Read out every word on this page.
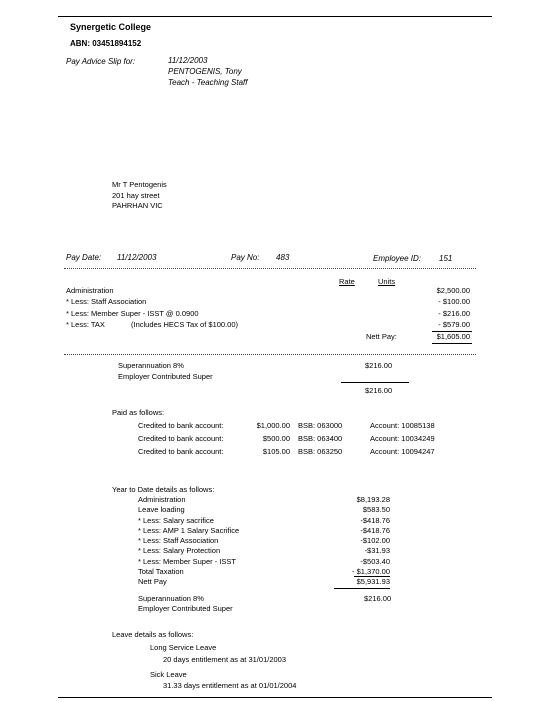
Synergetic College
ABN: 03451894152
Pay Advice Slip for:	11/12/2003
PENTOGENIS, Tony
Teach - Teaching Staff
Mr T Pentogenis
201 hay street
PAHRHAN VIC
Pay Date: 11/12/2003	Pay No: 483	Employee ID: 151
Rate	Units
Administration	$2,500.00
* Less: Staff Association	- $100.00
* Less: Member Super - ISST @ 0.0900	- $216.00
* Less: TAX	(Includes HECS Tax of $100.00)	- $579.00
Nett Pay:	$1,605.00
Superannuation 8%	$216.00
Employer Contributed Super
$216.00
Paid as follows:
Credited to bank account:	$1,000.00 BSB: 063000	Account: 10085138
Credited to bank account:	$500.00 BSB: 063400	Account: 10034249
Credited to bank account:	$105.00 BSB: 063250	Account: 10094247
Year to Date details as follows:
Administration	$8,193.28
Leave loading	$583.50
* Less: Salary sacrifice	-$418.76
* Less: AMP 1 Salary Sacrifice	-$418.76
* Less: Staff Association	-$102.00
* Less: Salary Protection	-$31.93
* Less: Member Super - ISST	-$503.40
Total Taxation	- $1,370.00
Nett Pay	$5,931.93
Superannuation 8%	$216.00
Employer Contributed Super
Leave details as follows:
Long Service Leave
20 days entitlement as at 31/01/2003
Sick Leave
31.33 days entitlement as at 01/01/2004
